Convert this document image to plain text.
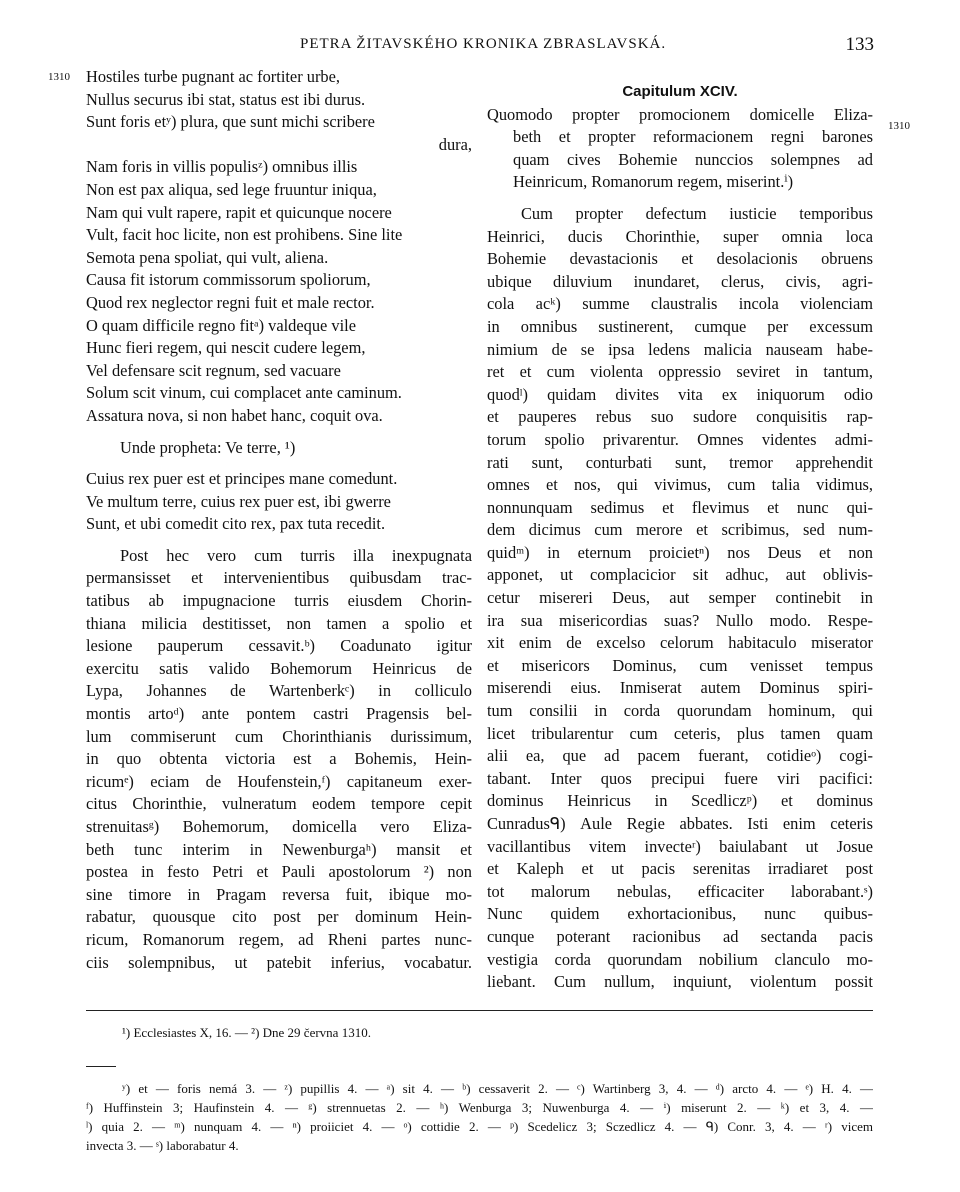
PETRA ŽITAVSKÉHO KRONIKA ZBRASLAVSKÁ.	133
1310
1310
Hostiles turbe pugnant ac fortiter urbe,
Nullus securus ibi stat, status est ibi durus.
Sunt foris etʸ) plura, que sunt michi scribere
dura,
Nam foris in villis populisᶻ) omnibus illis
Non est pax aliqua, sed lege fruuntur iniqua,
Nam qui vult rapere, rapit et quicunque nocere
Vult, facit hoc licite, non est prohibens. Sine lite
Semota pena spoliat, qui vult, aliena.
Causa fit istorum commissorum spoliorum,
Quod rex neglector regni fuit et male rector.
O quam difficile regno fitᵃ) valdeque vile
Hunc fieri regem, qui nescit cudere legem,
Vel defensare scit regnum, sed vacuare
Solum scit vinum, cui complacet ante caminum.
Assatura nova, si non habet hanc, coquit ova.
Unde propheta: Ve terre, ¹)
Cuius rex puer est et principes mane comedunt.
Ve multum terre, cuius rex puer est, ibi gwerre
Sunt, et ubi comedit cito rex, pax tuta recedit.
Post hec vero cum turris illa inexpugnata
permansisset et intervenientibus quibusdam trac-
tatibus ab impugnacione turris eiusdem Chorin-
thiana milicia destitisset, non tamen a spolio et
lesione pauperum cessavit.ᵇ) Coadunato igitur
exercitu satis valido Bohemorum Heinricus de
Lypa, Johannes de Wartenberkᶜ) in colliculo
montis artoᵈ) ante pontem castri Pragensis bel-
lum commiserunt cum Chorinthianis durissimum,
in quo obtenta victoria est a Bohemis, Hein-
ricumᵉ) eciam de Houfenstein,ᶠ) capitaneum exer-
citus Chorinthie, vulneratum eodem tempore cepit
strenuitasᵍ) Bohemorum, domicella vero Eliza-
beth tunc interim in Newenburgaʰ) mansit et
postea in festo Petri et Pauli apostolorum ²) non
sine timore in Pragam reversa fuit, ibique mo-
rabatur, quousque cito post per dominum Hein-
ricum, Romanorum regem, ad Rheni partes nunc-
ciis solempnibus, ut patebit inferius, vocabatur.
Capitulum XCIV.
Quomodo propter promocionem domicelle Eliza-
beth et propter reformacionem regni barones
quam cives Bohemie nunccios solempnes ad
Heinricum, Romanorum regem, miserint.ⁱ)
Cum propter defectum iusticie temporibus
Heinrici, ducis Chorinthie, super omnia loca
Bohemie devastacionis et desolacionis obruens
ubique diluvium inundaret, clerus, civis, agri-
cola acᵏ) summe claustralis incola violenciam
in omnibus sustinerent, cumque per excessum
nimium de se ipsa ledens malicia nauseam habe-
ret et cum violenta oppressio seviret in tantum,
quodˡ) quidam divites vita ex iniquorum odio
et pauperes rebus suo sudore conquisitis rap-
torum spolio privarentur. Omnes videntes admi-
rati sunt, conturbati sunt, tremor apprehendit
omnes et nos, qui vivimus, cum talia vidimus,
nonnunquam sedimus et flevimus et nunc qui-
dem dicimus cum merore et scribimus, sed num-
quidᵐ) in eternum proicietⁿ) nos Deus et non
apponet, ut complacicior sit adhuc, aut oblivis-
cetur misereri Deus, aut semper continebit in
ira sua misericordias suas? Nullo modo. Respe-
xit enim de excelso celorum habitaculo miserator
et misericors Dominus, cum venisset tempus
miserendi eius. Inmiserat autem Dominus spiri-
tum consilii in corda quorundam hominum, qui
licet tribularentur cum ceteris, plus tamen quam
alii ea, que ad pacem fuerant, cotidieᵒ) cogi-
tabant. Inter quos precipui fuere viri pacifici:
dominus Heinricus in Scedliczᵖ) et dominus
Cunradusᑫ) Aule Regie abbates. Isti enim ceteris
vacillantibus vitem invecteʳ) baiulabant ut Josue
et Kaleph et ut pacis serenitas irradiaret post
tot malorum nebulas, efficaciter laborabant.ˢ)
Nunc quidem exhortacionibus, nunc quibus-
cunque poterant racionibus ad sectanda pacis
vestigia corda quorundam nobilium clanculo mo-
liebant. Cum nullum, inquiunt, violentum possit
¹) Ecclesiastes X, 16. — ²) Dne 29 června 1310.
ʸ) et — foris nemá 3. — ᶻ) pupillis 4. — ᵃ) sit 4. — ᵇ) cessaverit 2. — ᶜ) Wartinberg 3, 4. — ᵈ) arcto 4. — ᵉ) H. 4. —
ᶠ) Huffinstein 3; Haufinstein 4. — ᵍ) strennuetas 2. — ʰ) Wenburga 3; Nuwenburga 4. — ⁱ) miserunt 2. — ᵏ) et 3, 4. —
ˡ) quia 2. — ᵐ) nunquam 4. — ⁿ) proiiciet 4. — ᵒ) cottidie 2. — ᵖ) Scedelicz 3; Sczedlicz 4. — ᑫ) Conr. 3, 4. — ʳ) vicem
invecta 3. — ˢ) laborabatur 4.
